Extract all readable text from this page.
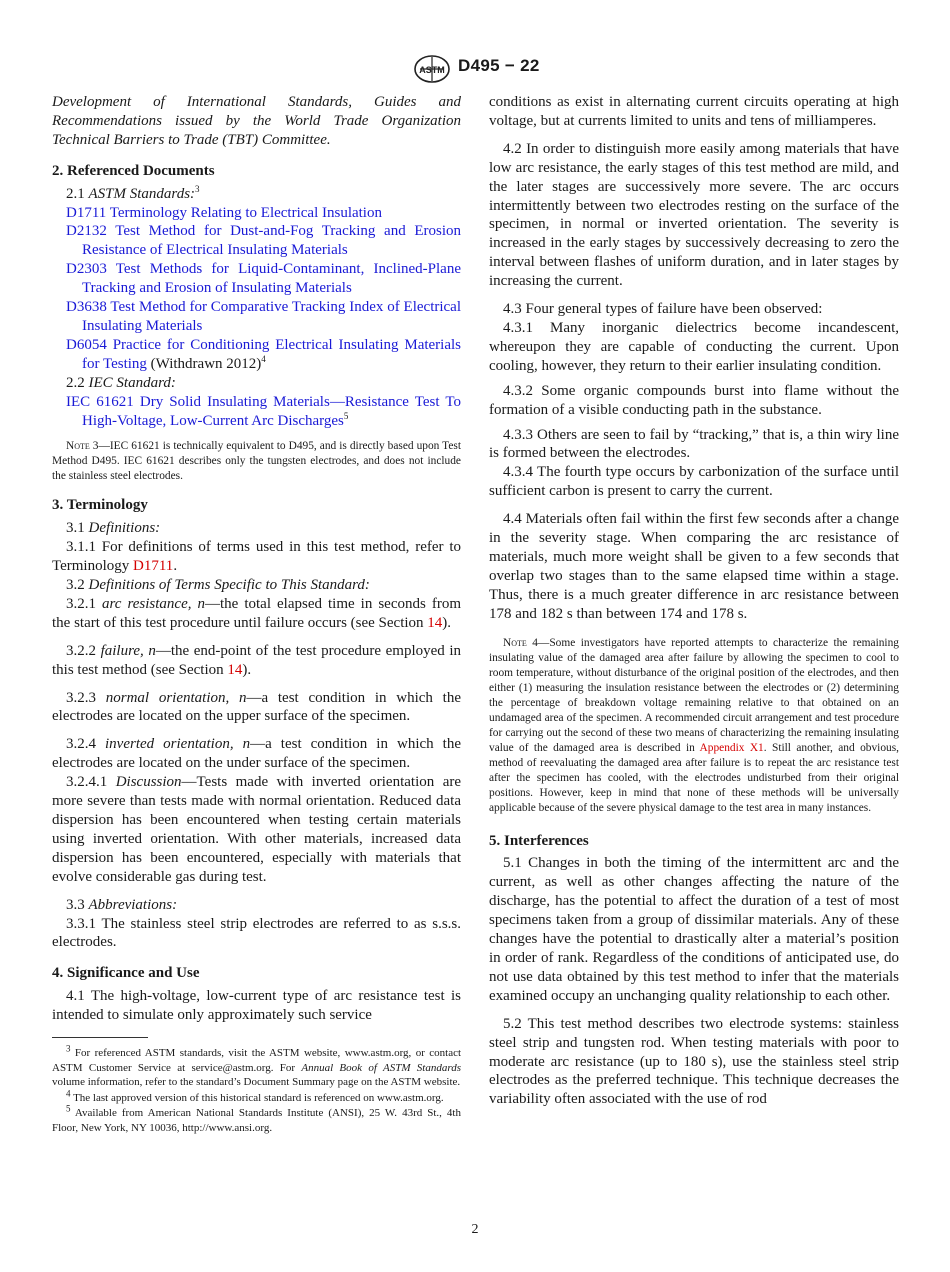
ASTM D495 − 22

Development of International Standards, Guides and Recommendations issued by the World Trade Organization Technical Barriers to Trade (TBT) Committee.

2. Referenced Documents

2.1 ASTM Standards:$^3$

D1711 Terminology Relating to Electrical Insulation

D2132 Test Method for Dust-and-Fog Tracking and Erosion Resistance of Electrical Insulating Materials

D2303 Test Methods for Liquid-Contaminant, Inclined-Plane Tracking and Erosion of Insulating Materials

D3638 Test Method for Comparative Tracking Index of Electrical Insulating Materials

D6054 Practice for Conditioning Electrical Insulating Materials for Testing (Withdrawn 2012)$^4$

2.2 IEC Standard:

IEC 61621 Dry Solid Insulating Materials—Resistance Test To High-Voltage, Low-Current Arc Discharges$^5$

Note 3—IEC 61621 is technically equivalent to D495, and is directly based upon Test Method D495. IEC 61621 describes only the tungsten electrodes, and does not include the stainless steel electrodes.

3. Terminology

3.1 Definitions:

3.1.1 For definitions of terms used in this test method, refer to Terminology D1711.

3.2 Definitions of Terms Specific to This Standard:

3.2.1 arc resistance, n—the total elapsed time in seconds from the start of this test procedure until failure occurs (see Section 14).

3.2.2 failure, n—the end-point of the test procedure employed in this test method (see Section 14).

3.2.3 normal orientation, n—a test condition in which the electrodes are located on the upper surface of the specimen.

3.2.4 inverted orientation, n—a test condition in which the electrodes are located on the under surface of the specimen.

3.2.4.1 Discussion—Tests made with inverted orientation are more severe than tests made with normal orientation. Reduced data dispersion has been encountered when testing certain materials using inverted orientation. With other materials, increased data dispersion has been encountered, especially with materials that evolve considerable gas during test.

3.3 Abbreviations:

3.3.1 The stainless steel strip electrodes are referred to as s.s.s. electrodes.

4. Significance and Use

4.1 The high-voltage, low-current type of arc resistance test is intended to simulate only approximately such service

$^3$ For referenced ASTM standards, visit the ASTM website, www.astm.org, or contact ASTM Customer Service at service@astm.org. For Annual Book of ASTM Standards volume information, refer to the standard’s Document Summary page on the ASTM website.

$^4$ The last approved version of this historical standard is referenced on www.astm.org.

$^5$ Available from American National Standards Institute (ANSI), 25 W. 43rd St., 4th Floor, New York, NY 10036, http://www.ansi.org.

conditions as exist in alternating current circuits operating at high voltage, but at currents limited to units and tens of milliamperes.

4.2 In order to distinguish more easily among materials that have low arc resistance, the early stages of this test method are mild, and the later stages are successively more severe. The arc occurs intermittently between two electrodes resting on the surface of the specimen, in normal or inverted orientation. The severity is increased in the early stages by successively decreasing to zero the interval between flashes of uniform duration, and in later stages by increasing the current.

4.3 Four general types of failure have been observed:

4.3.1 Many inorganic dielectrics become incandescent, whereupon they are capable of conducting the current. Upon cooling, however, they return to their earlier insulating condition.

4.3.2 Some organic compounds burst into flame without the formation of a visible conducting path in the substance.

4.3.3 Others are seen to fail by “tracking,” that is, a thin wiry line is formed between the electrodes.

4.3.4 The fourth type occurs by carbonization of the surface until sufficient carbon is present to carry the current.

4.4 Materials often fail within the first few seconds after a change in the severity stage. When comparing the arc resistance of materials, much more weight shall be given to a few seconds that overlap two stages than to the same elapsed time within a stage. Thus, there is a much greater difference in arc resistance between 178 and 182 s than between 174 and 178 s.

Note 4—Some investigators have reported attempts to characterize the remaining insulating value of the damaged area after failure by allowing the specimen to cool to room temperature, without disturbance of the original position of the electrodes, and then either (1) measuring the insulation resistance between the electrodes or (2) determining the percentage of breakdown voltage remaining relative to that obtained on an undamaged area of the specimen. A recommended circuit arrangement and test procedure for carrying out the second of these two means of characterizing the remaining insulating value of the damaged area is described in Appendix X1. Still another, and obvious, method of reevaluating the damaged area after failure is to repeat the arc resistance test after the specimen has cooled, with the electrodes undisturbed from their original positions. However, keep in mind that none of these methods will be universally applicable because of the severe physical damage to the test area in many instances.

5. Interferences

5.1 Changes in both the timing of the intermittent arc and the current, as well as other changes affecting the nature of the discharge, has the potential to affect the duration of a test of most specimens taken from a group of dissimilar materials. Any of these changes have the potential to drastically alter a material’s position in order of rank. Regardless of the conditions of anticipated use, do not use data obtained by this test method to infer that the materials examined occupy an unchanging quality relationship to each other.

5.2 This test method describes two electrode systems: stainless steel strip and tungsten rod. When testing materials with poor to moderate arc resistance (up to 180 s), use the stainless steel strip electrodes as the preferred technique. This technique decreases the variability often associated with the use of rod

2
